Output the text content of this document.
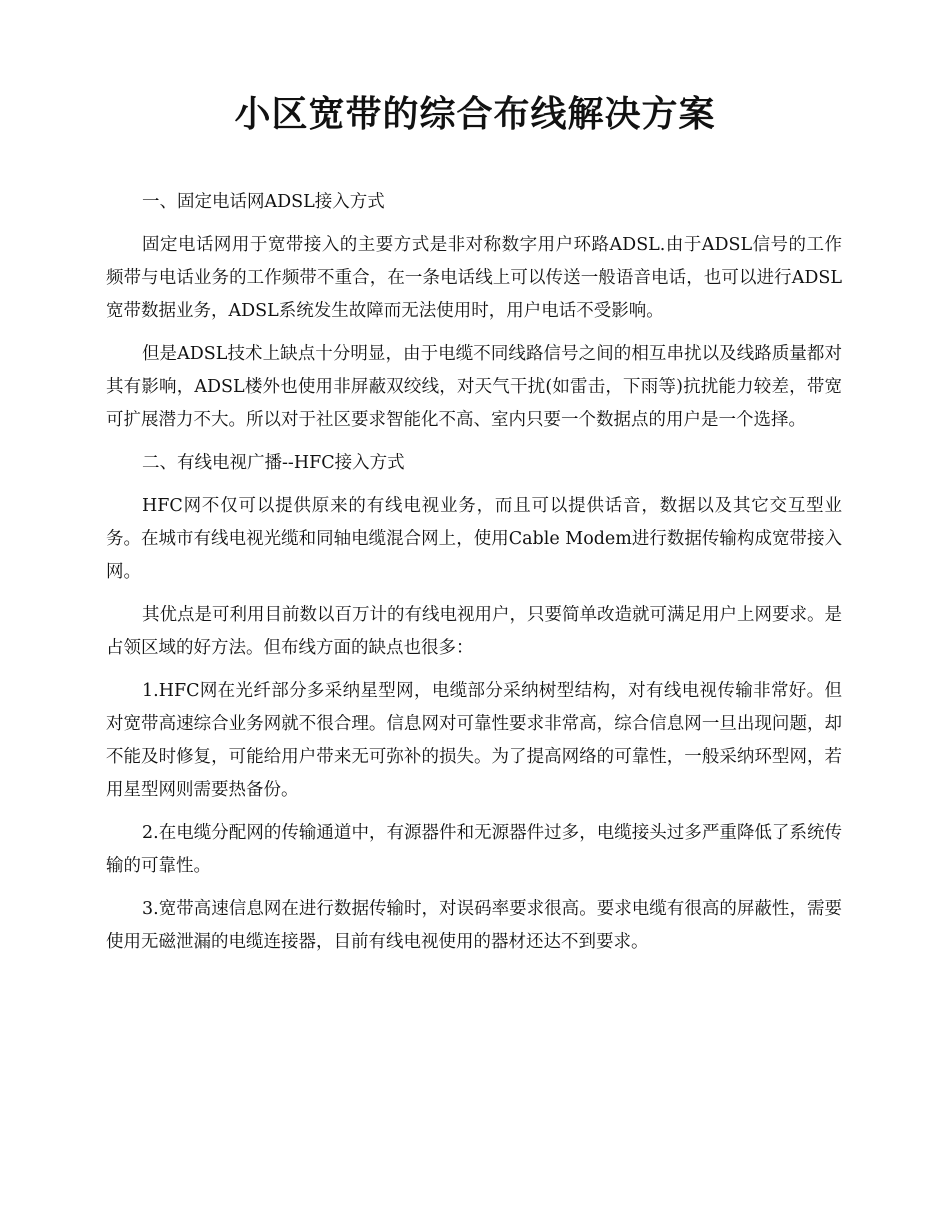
小区宽带的综合布线解决方案

一、固定电话网ADSL接入方式

固定电话网用于宽带接入的主要方式是非对称数字用户环路ADSL.由于ADSL信号的工作频带与电话业务的工作频带不重合，在一条电话线上可以传送一般语音电话，也可以进行ADSL宽带数据业务，ADSL系统发生故障而无法使用时，用户电话不受影响。

但是ADSL技术上缺点十分明显，由于电缆不同线路信号之间的相互串扰以及线路质量都对其有影响，ADSL楼外也使用非屏蔽双绞线，对天气干扰(如雷击，下雨等)抗扰能力较差，带宽可扩展潜力不大。所以对于社区要求智能化不高、室内只要一个数据点的用户是一个选择。

二、有线电视广播--HFC接入方式

HFC网不仅可以提供原来的有线电视业务，而且可以提供话音，数据以及其它交互型业务。在城市有线电视光缆和同轴电缆混合网上，使用Cable Modem进行数据传输构成宽带接入网。

其优点是可利用目前数以百万计的有线电视用户，只要简单改造就可满足用户上网要求。是占领区域的好方法。但布线方面的缺点也很多：

1.HFC网在光纤部分多采纳星型网，电缆部分采纳树型结构，对有线电视传输非常好。但对宽带高速综合业务网就不很合理。信息网对可靠性要求非常高，综合信息网一旦出现问题，却不能及时修复，可能给用户带来无可弥补的损失。为了提高网络的可靠性，一般采纳环型网，若用星型网则需要热备份。

2.在电缆分配网的传输通道中，有源器件和无源器件过多，电缆接头过多严重降低了系统传输的可靠性。

3.宽带高速信息网在进行数据传输时，对误码率要求很高。要求电缆有很高的屏蔽性，需要使用无磁泄漏的电缆连接器，目前有线电视使用的器材还达不到要求。
